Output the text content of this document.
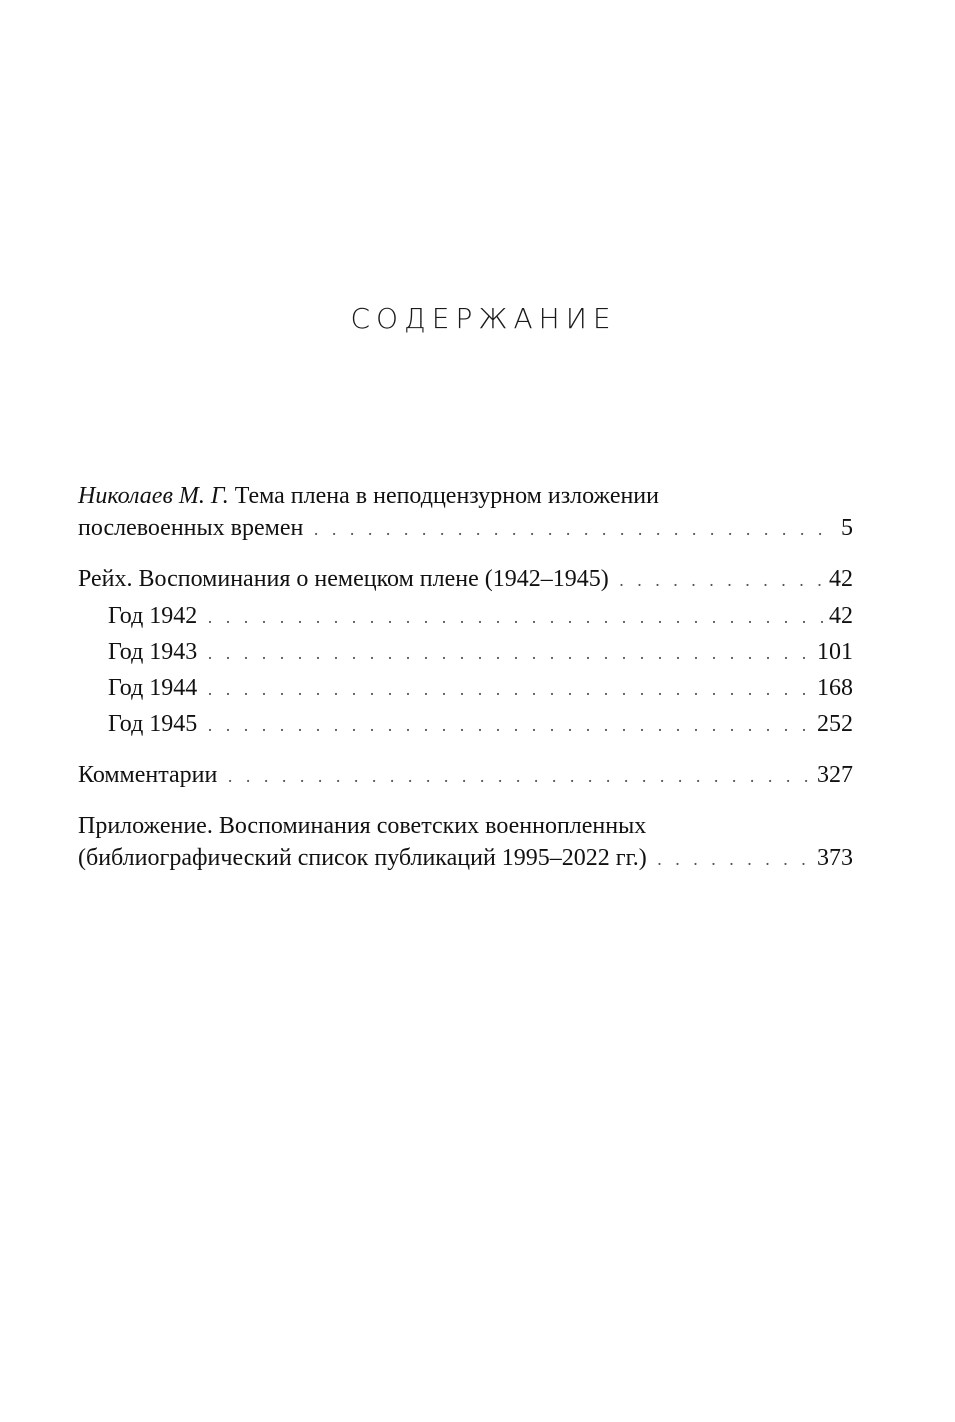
СОДЕРЖАНИЕ
Николаев М. Г. Тема плена в неподцензурном изложении
послевоенных времен . . .	5
Рейх. Воспоминания о немецком плене (1942–1945) . . .	42
Год 1942 . . .	42
Год 1943 . . .	101
Год 1944 . . .	168
Год 1945 . . .	252
Комментарии . . .	327
Приложение. Воспоминания советских военнопленных
(библиографический список публикаций 1995–2022 гг.) . . .	373
